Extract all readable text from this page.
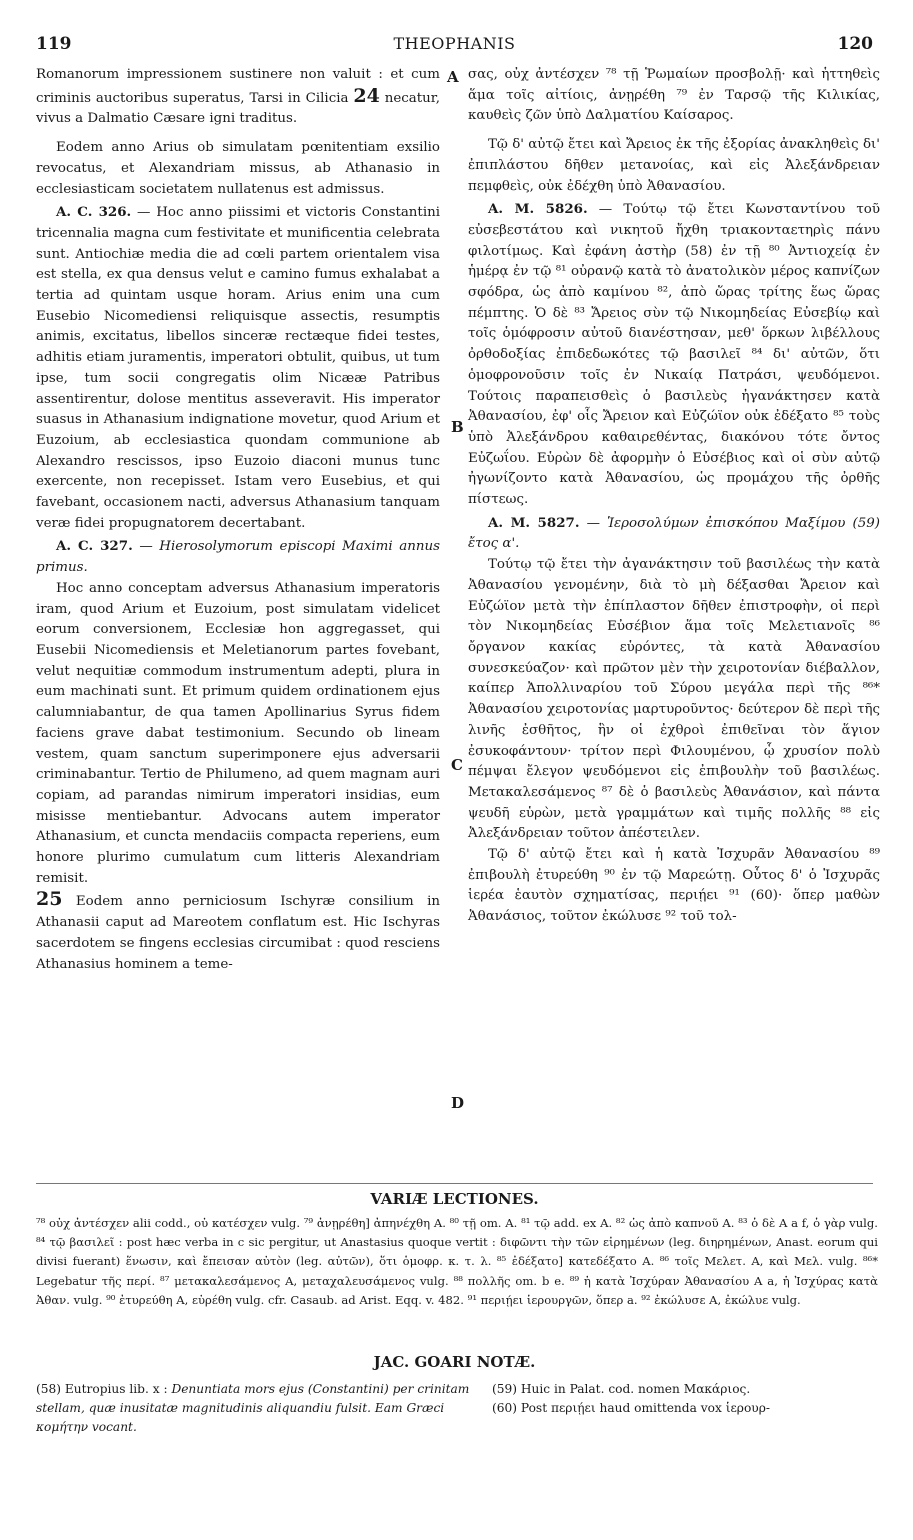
119	THEOPHANIS	120
A
B
C
D

Romanorum impressionem sustinere non valuit : et cum criminis auctoribus superatus, Tarsi in Cilicia 24 necatur, vivus a Dalmatio Cæsare igni traditus.

Eodem anno Arius ob simulatam pœnitentiam exsilio revocatus, et Alexandriam missus, ab Athanasio in ecclesiasticam societatem nullatenus est admissus.

A. C. 326. — Hoc anno piissimi et victoris Constantini tricennalia magna cum festivitate et munificentia celebrata sunt. Antiochiæ media die ad cœli partem orientalem visa est stella, ex qua densus velut e camino fumus exhalabat a tertia ad quintam usque horam. Arius enim una cum Eusebio Nicomediensi reliquisque assectis, resumptis animis, excitatus, libellos sinceræ rectæque fidei testes, adhitis etiam juramentis, imperatori obtulit, quibus, ut tum ipse, tum socii congregatis olim Nicææ Patribus assentirentur, dolose mentitus asseveravit. His imperator suasus in Athanasium indignatione movetur, quod Arium et Euzoium, ab ecclesiastica quondam communione ab Alexandro rescissos, ipso Euzoio diaconi munus tunc exercente, non recepisset. Istam vero Eusebius, et qui favebant, occasionem nacti, adversus Athanasium tanquam veræ fidei propugnatorem decertabant.

A. C. 327. — Hierosolymorum episcopi Maximi annus primus.

Hoc anno conceptam adversus Athanasium imperatoris iram, quod Arium et Euzoium, post simulatam videlicet eorum conversionem, Ecclesiæ hon aggregasset, qui Eusebii Nicomediensis et Meletianorum partes fovebant, velut nequitiæ commodum instrumentum adepti, plura in eum machinati sunt. Et primum quidem ordinationem ejus calumniabantur, de qua tamen Apollinarius Syrus fidem faciens grave dabat testimonium. Secundo ob lineam vestem, quam sanctum superimponere ejus adversarii criminabantur. Tertio de Philumeno, ad quem magnam auri copiam, ad parandas nimirum imperatori insidias, eum misisse mentiebantur. Advocans autem imperator Athanasium, et cuncta mendaciis compacta reperiens, eum honore plurimo cumulatum cum litteris Alexandriam remisit.

25 Eodem anno perniciosum Ischyræ consilium in Athanasii caput ad Mareotem conflatum est. Hic Ischyras sacerdotem se fingens ecclesias circumibat : quod resciens Athanasius hominem a teme-

σας, οὐχ ἀντέσχεν ⁷⁸ τῇ Ῥωμαίων προσβολῇ· καὶ ἡττηθεὶς ἅμα τοῖς αἰτίοις, ἀνῃρέθη ⁷⁹ ἐν Ταρσῷ τῆς Κιλικίας, καυθεὶς ζῶν ὑπὸ Δαλματίου Καίσαρος.

Τῷ δ' αὐτῷ ἔτει καὶ Ἄρειος ἐκ τῆς ἐξορίας ἀνακληθεὶς δι' ἐπιπλάστου δῆθεν μετανοίας, καὶ εἰς Ἀλεξάνδρειαν πεμφθεὶς, οὐκ ἐδέχθη ὑπὸ Ἀθανασίου.

A. M. 5826. — Τούτῳ τῷ ἔτει Κωνσταντίνου τοῦ εὐσεβεστάτου καὶ νικητοῦ ἤχθη τριακονταετηρὶς πάνυ φιλοτίμως. Καὶ ἐφάνη ἀστὴρ (58) ἐν τῇ ⁸⁰ Ἀντιοχείᾳ ἐν ἡμέρᾳ ἐν τῷ ⁸¹ οὐρανῷ κατὰ τὸ ἀνατολικὸν μέρος καπνίζων σφόδρα, ὡς ἀπὸ καμίνου ⁸², ἀπὸ ὥρας τρίτης ἕως ὥρας πέμπτης. Ὁ δὲ ⁸³ Ἄρειος σὺν τῷ Νικομηδείας Εὐσεβίῳ καὶ τοῖς ὁμόφροσιν αὐτοῦ διανέστησαν, μεθ' ὅρκων λιβέλλους ὀρθοδοξίας ἐπιδεδωκότες τῷ βασιλεῖ ⁸⁴ δι' αὐτῶν, ὅτι ὁμοφρονοῦσιν τοῖς ἐν Νικαίᾳ Πατράσι, ψευδόμενοι. Τούτοις παραπεισθεὶς ὁ βασιλεὺς ἠγανάκτησεν κατὰ Ἀθανασίου, ἐφ' οἷς Ἄρειον καὶ Εὐζώϊον οὐκ ἐδέξατο ⁸⁵ τοὺς ὑπὸ Ἀλεξάνδρου καθαιρεθέντας, διακόνου τότε ὄντος Εὐζωΐου. Εὑρὼν δὲ ἀφορμὴν ὁ Εὐσέβιος καὶ οἱ σὺν αὐτῷ ἠγωνίζοντο κατὰ Ἀθανασίου, ὡς προμάχου τῆς ὀρθῆς πίστεως.

A. M. 5827. — Ἱεροσολύμων ἐπισκόπου Μαξίμου (59) ἔτος α'.

Τούτῳ τῷ ἔτει τὴν ἀγανάκτησιν τοῦ βασιλέως τὴν κατὰ Ἀθανασίου γενομένην, διὰ τὸ μὴ δέξασθαι Ἄρειον καὶ Εὐζώϊον μετὰ τὴν ἐπίπλαστον δῆθεν ἐπιστροφὴν, οἱ περὶ τὸν Νικομηδείας Εὐσέβιον ἅμα τοῖς Μελετιανοῖς ⁸⁶ ὄργανον κακίας εὑρόντες, τὰ κατὰ Ἀθανασίου συνεσκεύαζον· καὶ πρῶτον μὲν τὴν χειροτονίαν διέβαλλον, καίπερ Ἀπολλιναρίου τοῦ Σύρου μεγάλα περὶ τῆς ⁸⁶* Ἀθανασίου χειροτονίας μαρτυροῦντος· δεύτερον δὲ περὶ τῆς λινῆς ἐσθῆτος, ἣν οἱ ἐχθροὶ ἐπιθεῖναι τὸν ἅγιον ἐσυκοφάντουν· τρίτον περὶ Φιλουμένου, ᾧ χρυσίον πολὺ πέμψαι ἔλεγον ψευδόμενοι εἰς ἐπιβουλὴν τοῦ βασιλέως. Μετακαλεσάμενος ⁸⁷ δὲ ὁ βασιλεὺς Ἀθανάσιον, καὶ πάντα ψευδῆ εὑρὼν, μετὰ γραμμάτων καὶ τιμῆς πολλῆς ⁸⁸ εἰς Ἀλεξάνδρειαν τοῦτον ἀπέστειλεν.

Τῷ δ' αὐτῷ ἔτει καὶ ἡ κατὰ Ἰσχυρᾶν Ἀθανασίου ⁸⁹ ἐπιβουλὴ ἐτυρεύθη ⁹⁰ ἐν τῷ Μαρεώτῃ. Οὗτος δ' ὁ Ἰσχυρᾶς ἱερέα ἑαυτὸν σχηματίσας, περιῄει ⁹¹ (60)· ὅπερ μαθὼν Ἀθανάσιος, τοῦτον ἐκώλυσε ⁹² τοῦ τολ-

VARIÆ LECTIONES.

⁷⁸ οὐχ ἀντέσχεν alii codd., οὐ κατέσχεν vulg. ⁷⁹ ἀνῃρέθη] ἀπηνέχθη A. ⁸⁰ τῇ om. A. ⁸¹ τῷ add. ex A. ⁸² ὡς ἀπὸ καπνοῦ A. ⁸³ ὁ δὲ A a f, ὁ γὰρ vulg. ⁸⁴ τῷ βασιλεῖ : post hæc verba in c sic pergitur, ut Anastasius quoque vertit : διφῶντι τὴν τῶν εἰρημένων (leg. διηρημένων, Anast. eorum qui divisi fuerant) ἕνωσιν, καὶ ἔπεισαν αὐτὸν (leg. αὐτῶν), ὅτι ὁμοφρ. κ. τ. λ. ⁸⁵ ἐδέξατο] κατεδέξατο A. ⁸⁶ τοῖς Μελετ. A, καὶ Μελ. vulg. ⁸⁶* Legebatur τῆς περί. ⁸⁷ μετακαλεσάμενος A, μεταχαλευσάμενος vulg. ⁸⁸ πολλῆς om. b e. ⁸⁹ ἡ κατὰ Ἰσχύραν Ἀθανασίου A a, ἡ Ἰσχύρας κατὰ Ἀθαν. vulg. ⁹⁰ ἐτυρεύθη A, εὑρέθη vulg. cfr. Casaub. ad Arist. Eqq. v. 482. ⁹¹ περιῄει ἱερουργῶν, ὅπερ a. ⁹² ἐκώλυσε A, ἐκώλυε vulg.

JAC. GOARI NOTÆ.

(58) Eutropius lib. x : Denuntiata mors ejus (Constantini) per crinitam stellam, quæ inusitatæ magnitudinis aliquandiu fulsit. Eam Græci κομήτην vocant.

(59) Huic in Palat. cod. nomen Μακάριος.

(60) Post περιῄει haud omittenda vox ἱερουρ-
